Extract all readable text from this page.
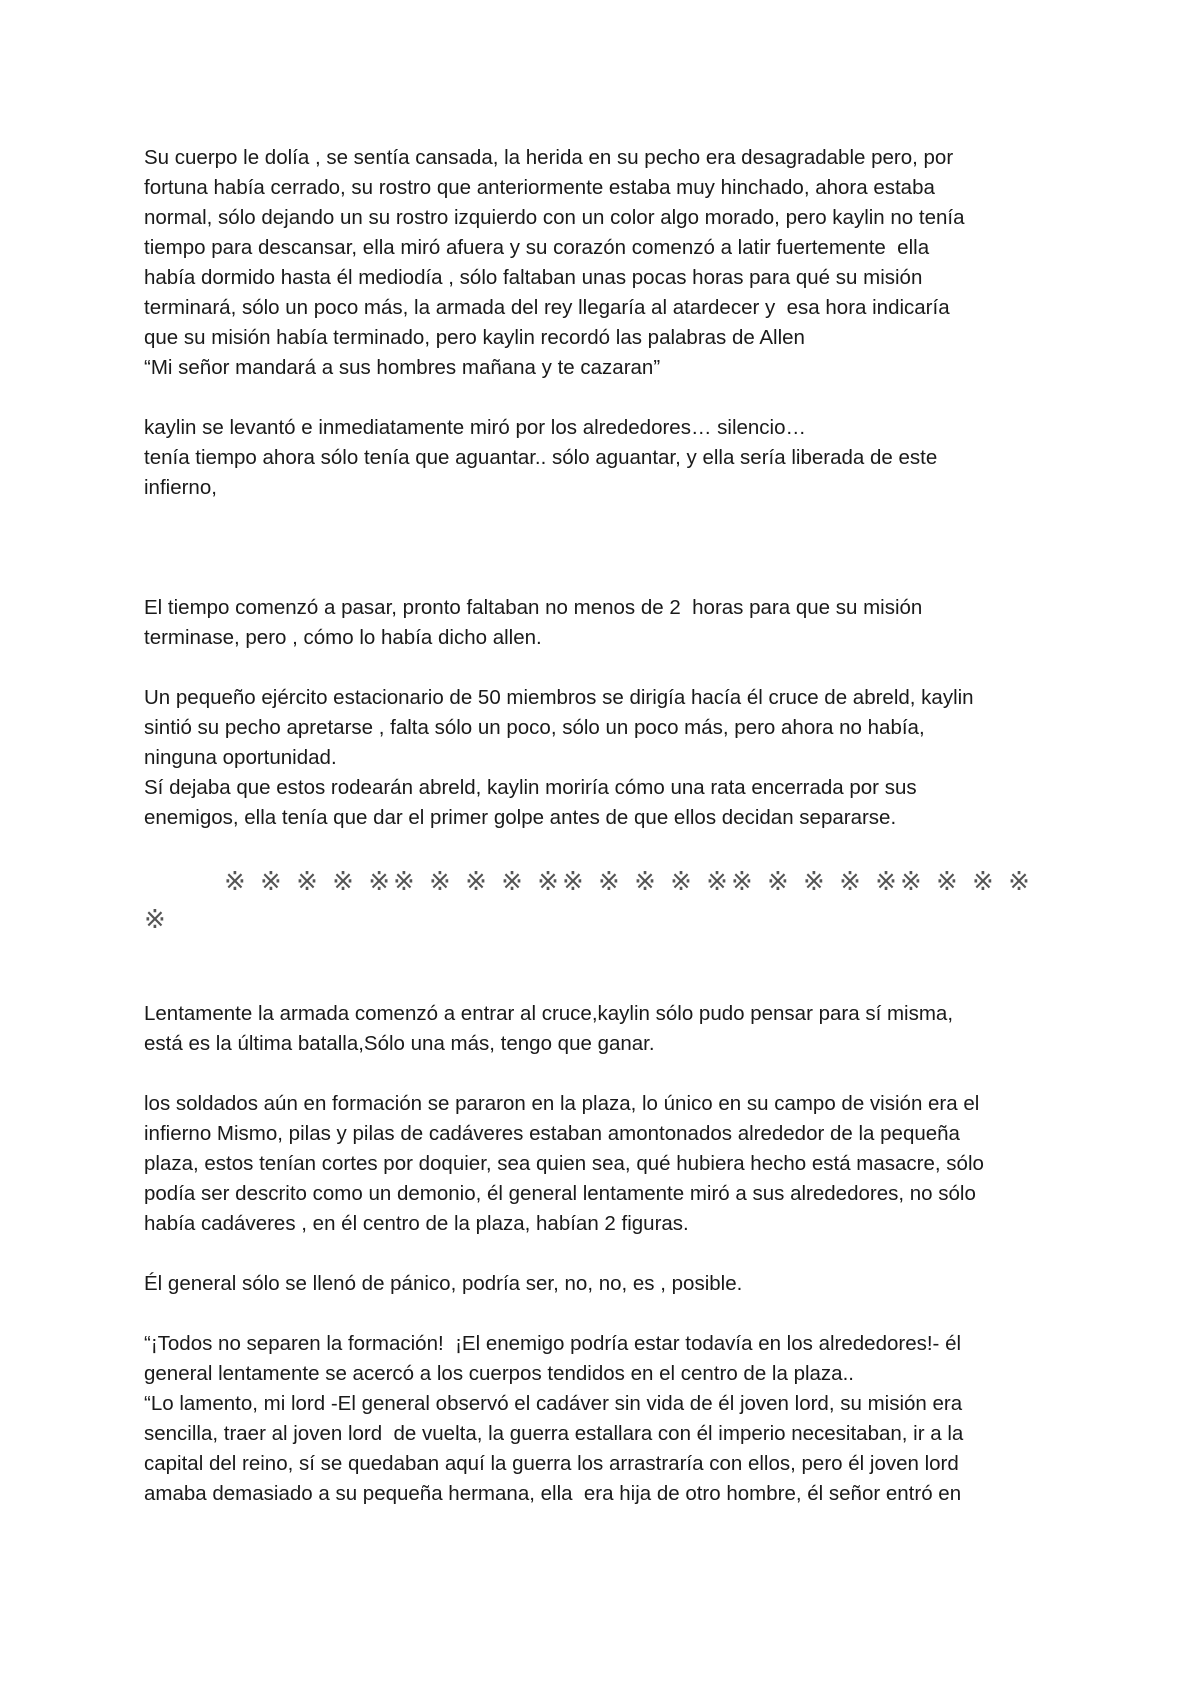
Su cuerpo le dolía , se sentía cansada, la herida en su pecho era desagradable pero, por
fortuna había cerrado, su rostro que anteriormente estaba muy hinchado, ahora estaba
normal, sólo dejando un su rostro izquierdo con un color algo morado, pero kaylin no tenía
tiempo para descansar, ella miró afuera y su corazón comenzó a latir fuertemente  ella
había dormido hasta él mediodía , sólo faltaban unas pocas horas para qué su misión
terminará, sólo un poco más, la armada del rey llegaría al atardecer y  esa hora indicaría
que su misión había terminado, pero kaylin recordó las palabras de Allen
“Mi señor mandará a sus hombres mañana y te cazaran”
kaylin se levantó e inmediatamente miró por los alrededores… silencio…
tenía tiempo ahora sólo tenía que aguantar.. sólo aguantar, y ella sería liberada de este
infierno,
El tiempo comenzó a pasar, pronto faltaban no menos de 2  horas para que su misión
terminase, pero , cómo lo había dicho allen.
Un pequeño ejército estacionario de 50 miembros se dirigía hacía él cruce de abreld, kaylin
sintió su pecho apretarse , falta sólo un poco, sólo un poco más, pero ahora no había,
ninguna oportunidad.
Sí dejaba que estos rodearán abreld, kaylin moriría cómo una rata encerrada por sus
enemigos, ella tenía que dar el primer golpe antes de que ellos decidan separarse.
※ ※ ※ ※ ※※ ※ ※ ※ ※※ ※ ※ ※ ※※ ※ ※ ※ ※※ ※ ※ ※
※
Lentamente la armada comenzó a entrar al cruce,kaylin sólo pudo pensar para sí misma,
está es la última batalla,Sólo una más, tengo que ganar.
los soldados aún en formación se pararon en la plaza, lo único en su campo de visión era el
infierno Mismo, pilas y pilas de cadáveres estaban amontonados alrededor de la pequeña
plaza, estos tenían cortes por doquier, sea quien sea, qué hubiera hecho está masacre, sólo
podía ser descrito como un demonio, él general lentamente miró a sus alrededores, no sólo
había cadáveres , en él centro de la plaza, habían 2 figuras.
Él general sólo se llenó de pánico, podría ser, no, no, es , posible.
“¡Todos no separen la formación!  ¡El enemigo podría estar todavía en los alrededores!- él
general lentamente se acercó a los cuerpos tendidos en el centro de la plaza..
“Lo lamento, mi lord -El general observó el cadáver sin vida de él joven lord, su misión era
sencilla, traer al joven lord  de vuelta, la guerra estallara con él imperio necesitaban, ir a la
capital del reino, sí se quedaban aquí la guerra los arrastraría con ellos, pero él joven lord
amaba demasiado a su pequeña hermana, ella  era hija de otro hombre, él señor entró en
